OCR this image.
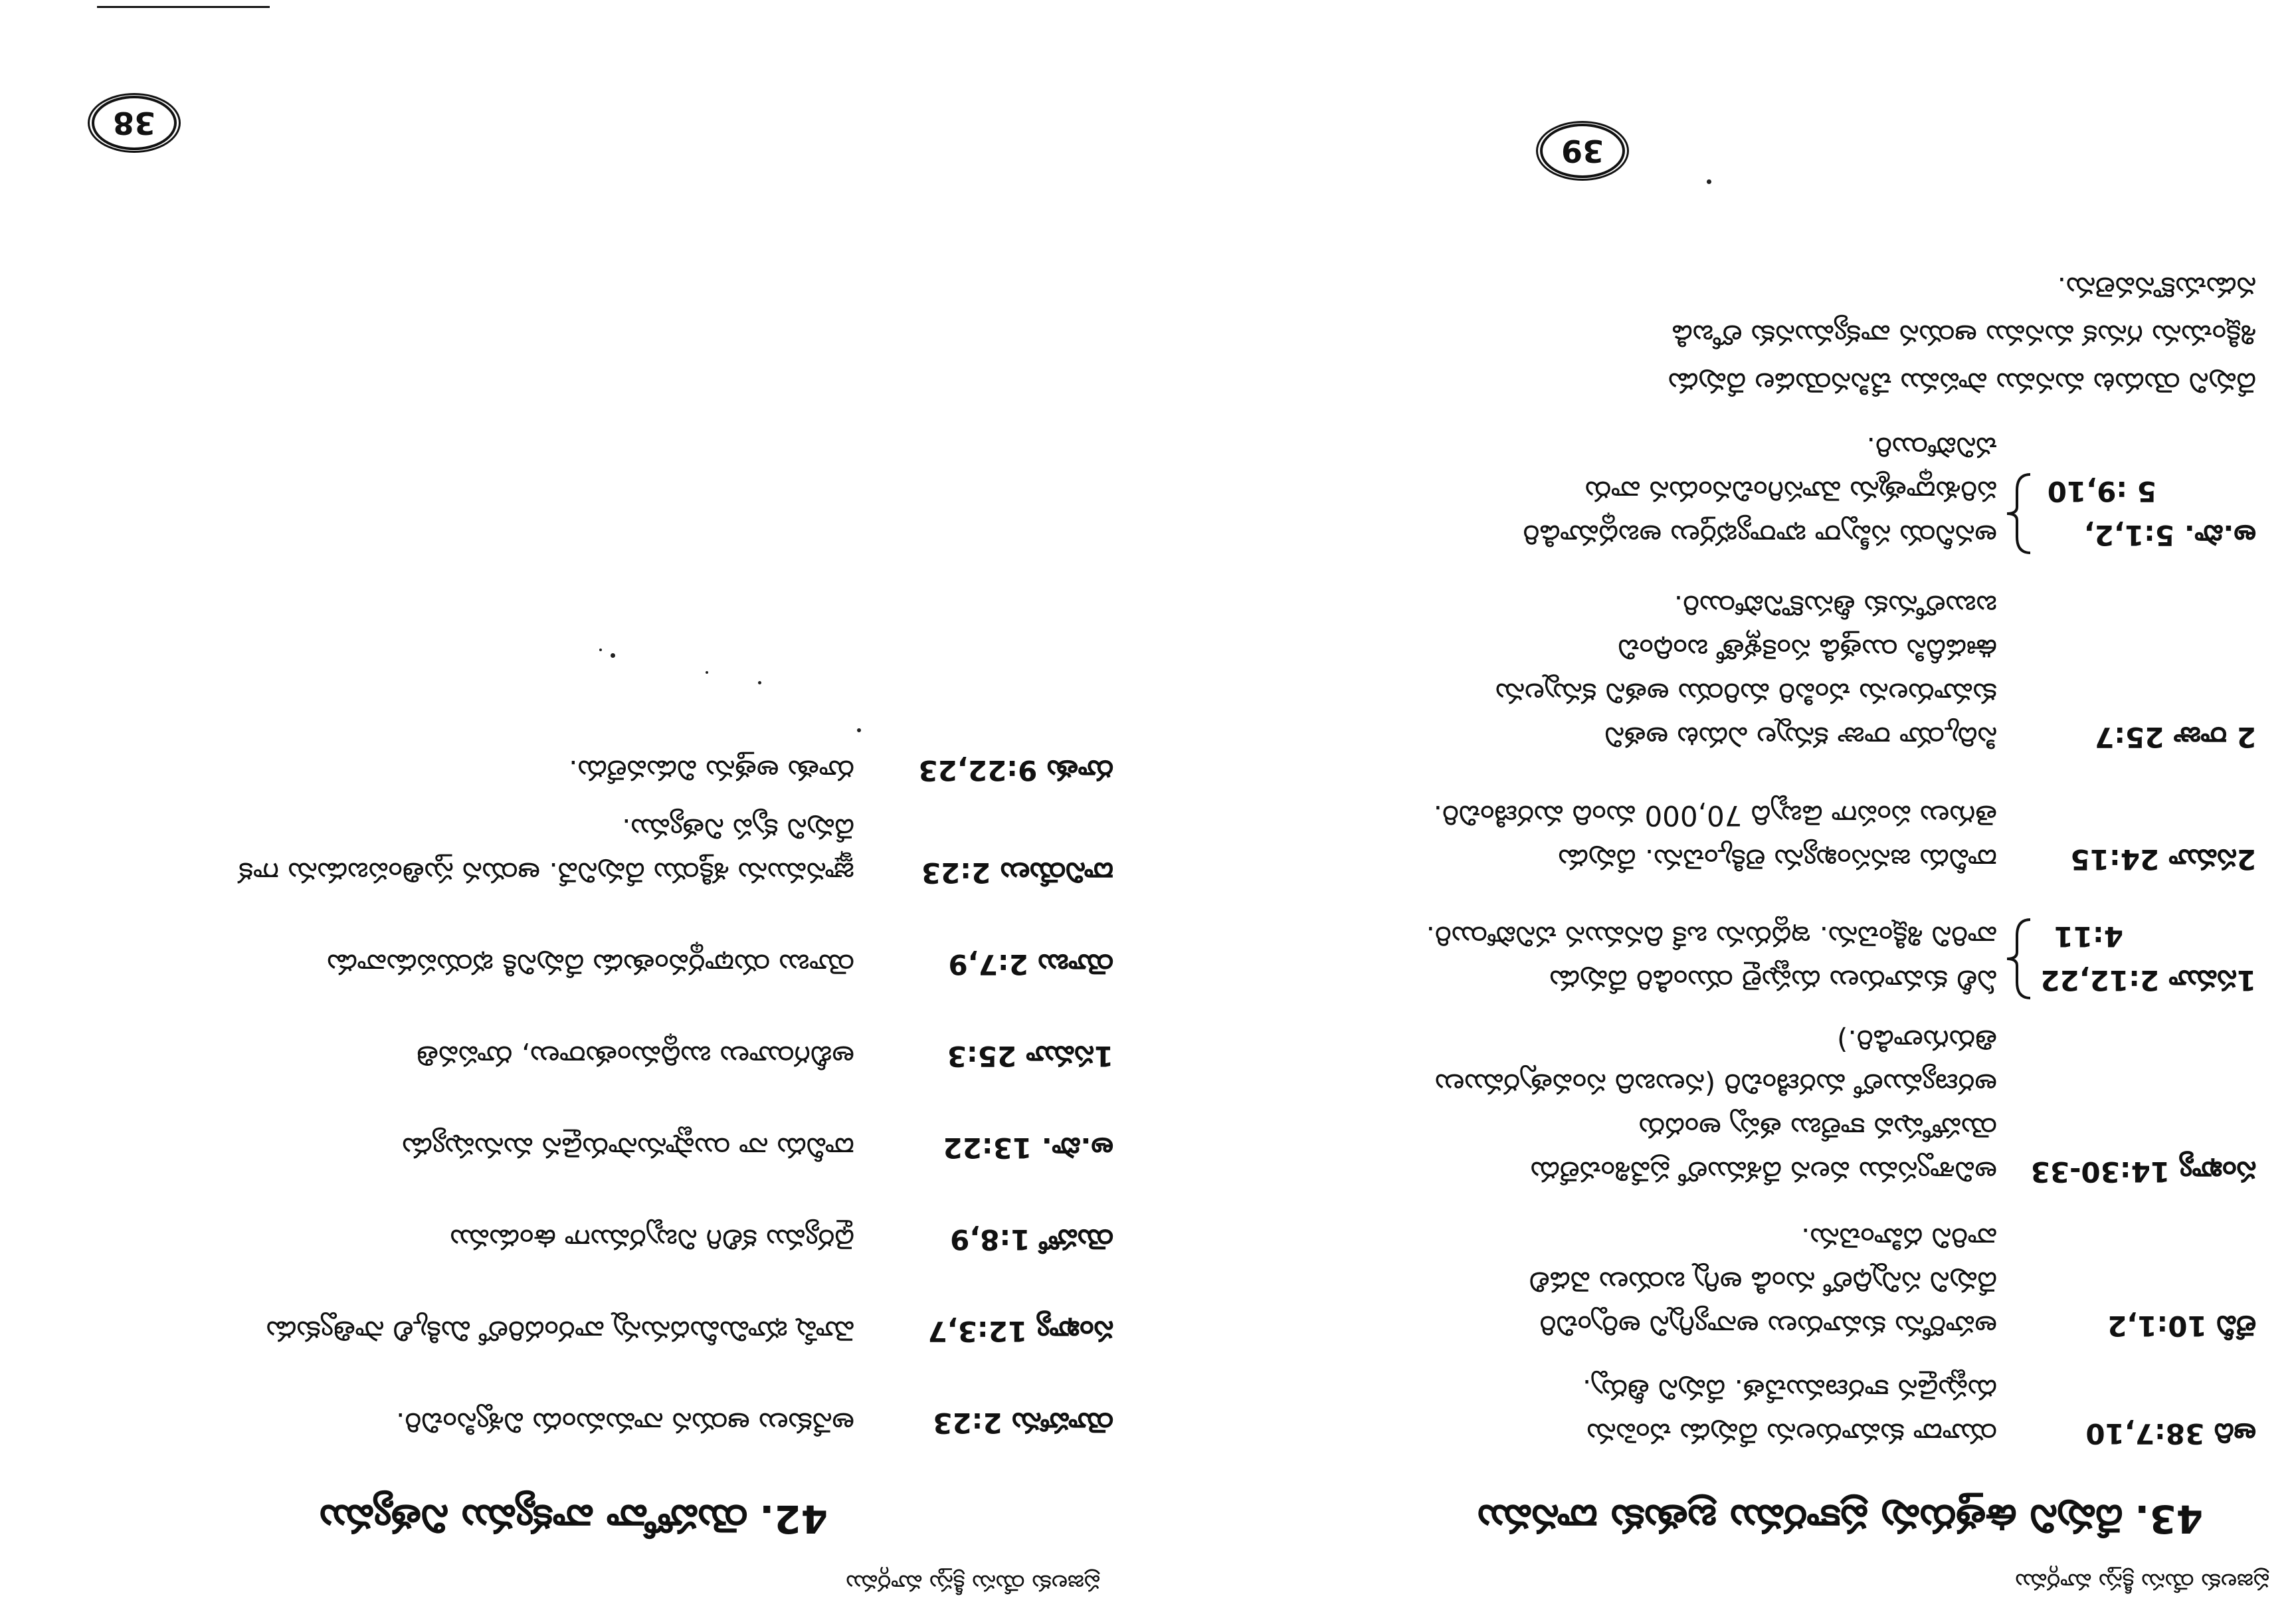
ప్రజలకు యేసు క్రీస్తు మార్గము
43.దేవుని ఉత్తరువు ప్రకారము బ్రతుకు దానము
ఆది 38:7,10
యూదా కుమారులను దేవుడు చంపెను
దుష్టుడైన కారణముచేత. దేవుని తీర్పు.
లేవీ 10:1,2
అహరోను కుమారులు అన్యాగ్నిని అర్పించిరి
దేవుని సన్నిధిలో నుండి అగ్ని బయలు వెడలి
వారిని దహించెను.
సంఖ్యా 14:30-33
అవిశ్వాసము వలన దేశములో ప్రవేశించలేదు
యెహోషువ కాలేబు తప్ప అందరు
అరణ్యములో మరణించిరి (నలుబది సంవత్సరములు
తిరుగులాడిరి.)
1సమూ 2:12,22
4:11
ఏలీ కుమారులు దుష్టులై యుండిరి దేవుడు
వారిని శిక్షించెను. ఇద్దరును ఒకే దినమున చనిపోయిరి.
2సమూ 24:15
దావీదు జనసంఖ్యను లెక్కించెను. దేవుడు
తెగులు పంపగా డెబ్బది 70,000 మంది మరణించిరి.
2 రాజు 25:7
సిద్కియా రాజు కన్నుల ఎదుట అతని
కుమారులను చంపిరి మరియు అతని కన్నులను
ఊడదీసి యిత్తడి సంకెళ్లతో బంధించి
బబులోనుకు తీసుకొనిపోయిరి.
అ.పొ. 5:1,2,
5 :9,10
అననీయ సప్పీరా భార్యాభర్తలు అబద్ధమాడిరి
పరిశుద్ధాత్మను మోసగించినందున వారు
చనిపోయిరి.
దేవుని యెదుట మనము పాపము చేసినయెడల దేవుడు
శిక్షించును గనుక మనము ఆయన వాక్యమునకు లోబడి
నడుచుకొనవలెను.
39
ప్రజలకు యేసు క్రీస్తు మార్గము
42.యెహోవా వాక్యము నిత్యము
యోహాను 2:23
అనేకులు ఆయన నామమందు విశ్వసించిరి.
సంఖ్యా 12:3,7
మోషే భూమిమీదనున్న వారందరిలో మిక్కిలి సాత్వికుడు
యెహో 1:8,9
ధైర్యము కలిగి నిబ్బరముగా ఉండుము
అ.పొ. 13:22
దావీదు నా యిష్టానుసారుడైన మనుష్యుడు
1సమూ 25:3
అబీగయీలు బుద్ధిమంతురాలు, రూపవతి
యోబు 2:7,9
యోబు యథార్థవంతుడు దేవునికి భయపడువాడు
దానియేలు 2:23
జ్ఞానమును శక్తియు దేవునివే. ఆయన స్తుతింపబడును గాక
దేవుని కృప నిత్యము.
రూతు 9:22,23
రూతు అత్తను విడువలేదు.
38
